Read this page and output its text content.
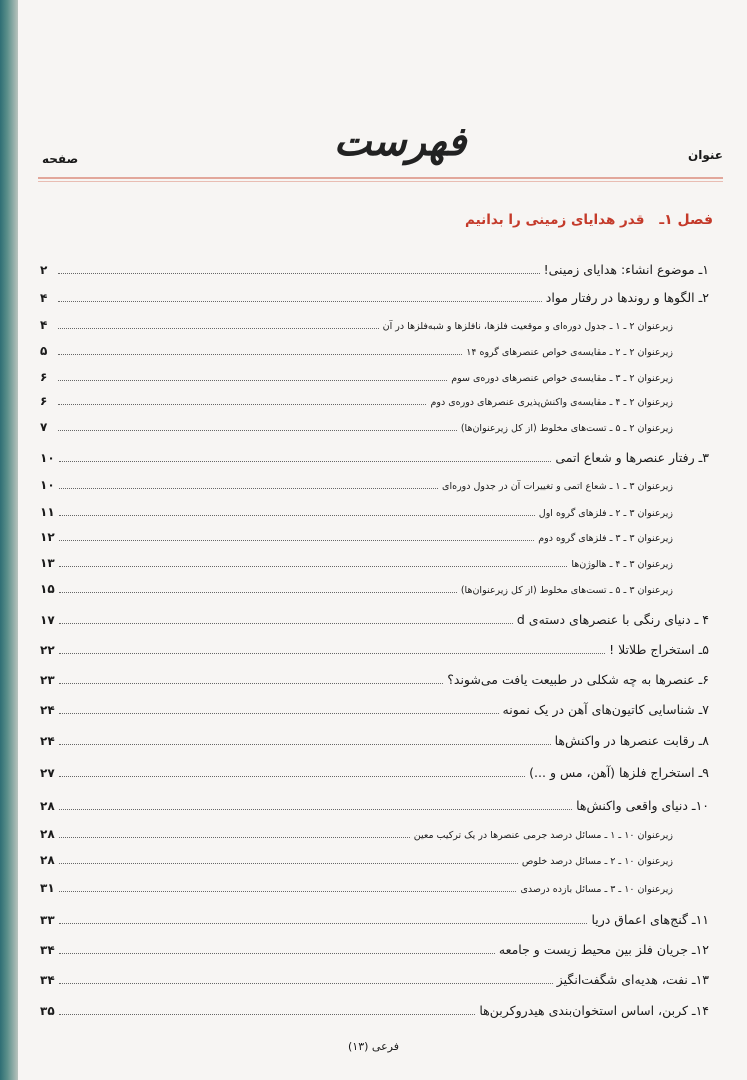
عنوان
فهرست
صفحه
فصل ۱ـ قدر هدایای زمینی را بدانیم
۱ـ موضوع انشاء: هدایای زمینی!
۲
۲ـ الگوها و روندها در رفتار مواد
۴
زیرعنوان ۲ ـ ۱ ـ جدول دوره‌ای و موقعیت فلزها، نافلزها و شبه‌فلزها در آن
۴
زیرعنوان ۲ ـ ۲ ـ مقایسه‌ی خواص عنصرهای گروه ۱۴
۵
زیرعنوان ۲ ـ ۳ ـ مقایسه‌ی خواص عنصرهای دوره‌ی سوم
۶
زیرعنوان ۲ ـ ۴ ـ مقایسه‌ی واکنش‌پذیری عنصرهای دوره‌ی دوم
۶
زیرعنوان ۲ ـ ۵ ـ تست‌های مخلوط (از کل زیرعنوان‌ها)
۷
۳ـ رفتار عنصرها و شعاع اتمی
۱۰
زیرعنوان ۳ ـ ۱ ـ شعاع اتمی و تغییرات آن در جدول دوره‌ای
۱۰
زیرعنوان ۳ ـ ۲ ـ فلزهای گروه اول
۱۱
زیرعنوان ۳ ـ ۳ ـ فلزهای گروه دوم
۱۲
زیرعنوان ۳ ـ ۴ ـ هالوژن‌ها
۱۳
زیرعنوان ۳ ـ ۵ ـ تست‌های مخلوط (از کل زیرعنوان‌ها)
۱۵
۴ ـ دنیای رنگی با عنصرهای دسته‌ی d
۱۷
۵ـ استخراج طلاتلا !
۲۲
۶ـ عنصرها به چه شکلی در طبیعت یافت می‌شوند؟
۲۳
۷ـ شناسایی کاتیون‌های آهن در یک نمونه
۲۴
۸ـ رقابت عنصرها در واکنش‌ها
۲۴
۹ـ استخراج فلزها (آهن، مس و ...)
۲۷
۱۰ـ دنیای واقعی واکنش‌ها
۲۸
زیرعنوان ۱۰ ـ ۱ ـ مسائل درصد جرمی عنصرها در یک ترکیب معین
۲۸
زیرعنوان ۱۰ ـ ۲ ـ مسائل درصد خلوص
۲۸
زیرعنوان ۱۰ ـ ۳ ـ مسائل بازده درصدی
۳۱
۱۱ـ گنج‌های اعماق دریا
۳۳
۱۲ـ جریان فلز بین محیط زیست و جامعه
۳۴
۱۳ـ نفت، هدیه‌ای شگفت‌انگیز
۳۴
۱۴ـ کربن، اساس استخوان‌بندی هیدروکربن‌ها
۳۵
فرعی (۱۳)
